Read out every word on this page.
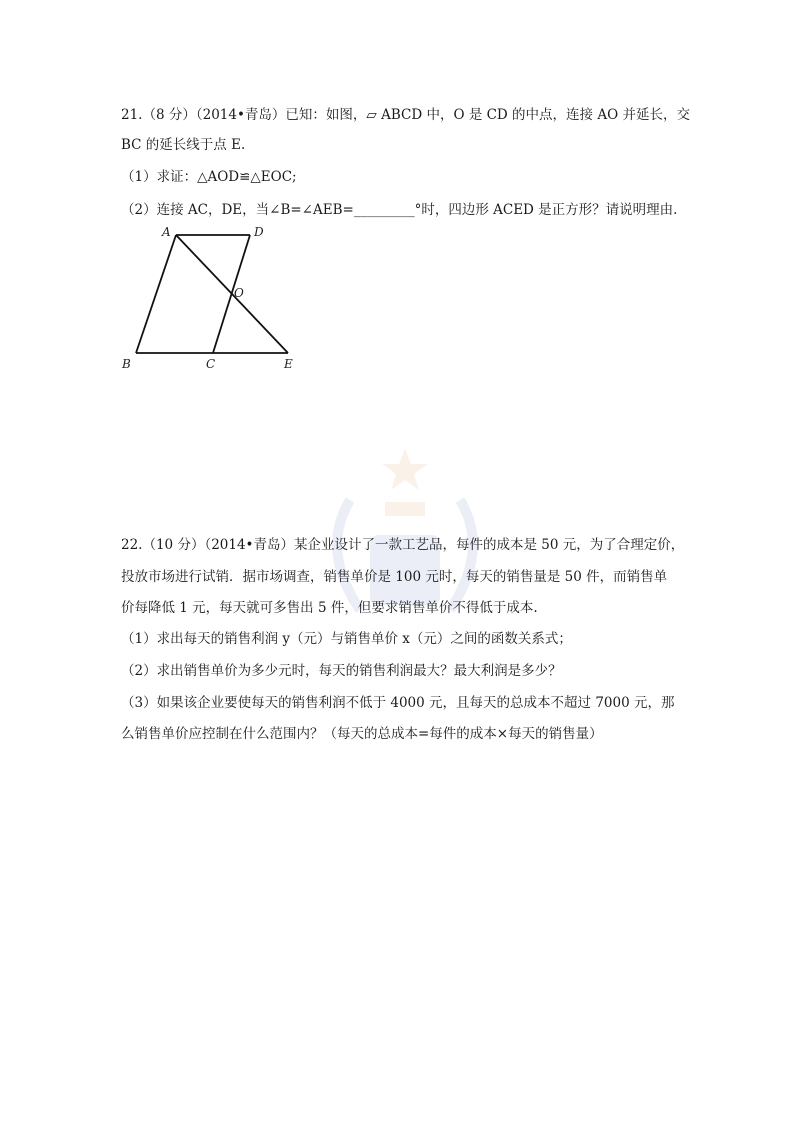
21.（8 分）（2014•青岛）已知：如图，▱ ABCD 中，O 是 CD 的中点，连接 AO 并延长，交
BC 的延长线于点 E.
（1）求证：△AOD≌△EOC;
（2）连接 AC，DE，当∠B=∠AEB=_________°时，四边形 ACED 是正方形？请说明理由.
A	D
O
B	C	E
22.（10 分）（2014•青岛）某企业设计了一款工艺品，每件的成本是 50 元，为了合理定价，
投放市场进行试销．据市场调查，销售单价是 100 元时，每天的销售量是 50 件，而销售单
价每降低 1 元，每天就可多售出 5 件，但要求销售单价不得低于成本.
（1）求出每天的销售利润 y（元）与销售单价 x（元）之间的函数关系式；
（2）求出销售单价为多少元时，每天的销售利润最大？最大利润是多少？
（3）如果该企业要使每天的销售利润不低于 4000 元，且每天的总成本不超过 7000 元，那
么销售单价应控制在什么范围内？（每天的总成本=每件的成本×每天的销售量）
